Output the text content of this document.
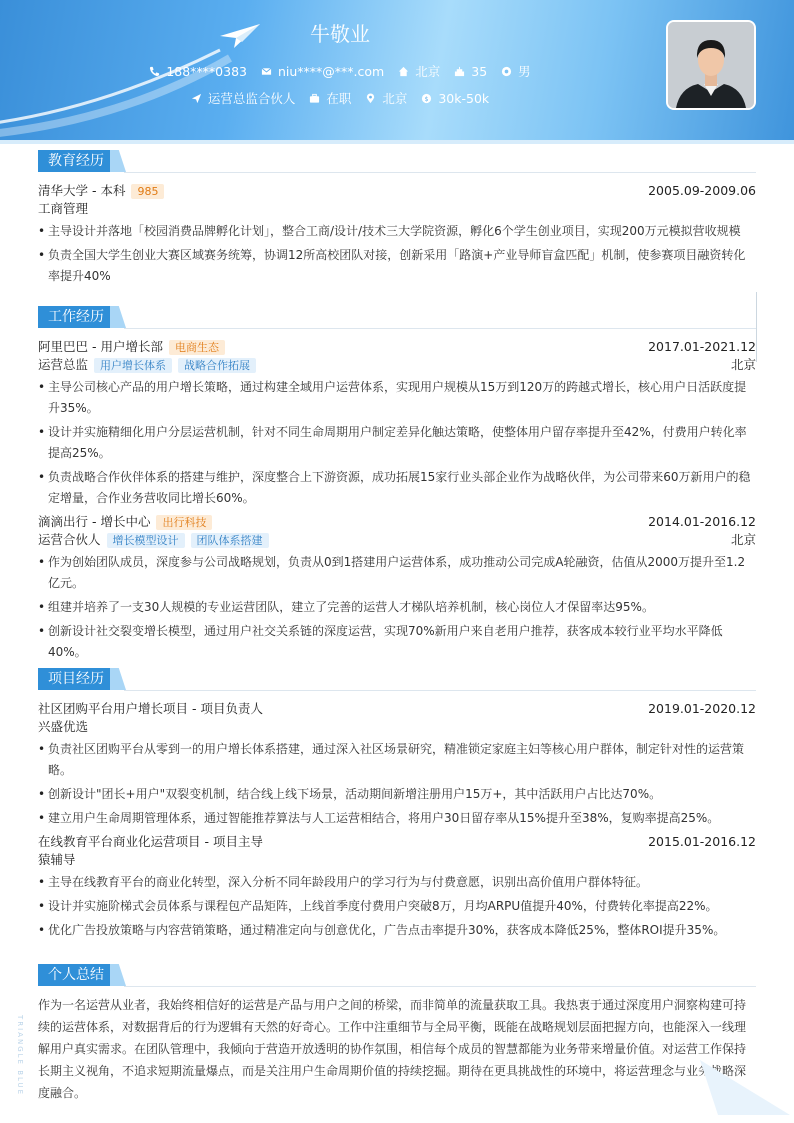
牛敬业
188****0383 niu****@***.com 北京 35 男
运营总监合伙人 在职 北京 $ 30k-50k
教育经历
清华大学 - 本科	985	2005.09-2009.06
工商管理
• 主导设计并落地「校园消费品牌孵化计划」，整合工商/设计/技术三大学院资源，孵化6个学生创业项目，实现200万元模拟营收规模
• 负责全国大学生创业大赛区域赛务统筹，协调12所高校团队对接，创新采用「路演+产业导师盲盒匹配」机制，使参赛项目融资转化率提升40%
工作经历
阿里巴巴 - 用户增长部	电商生态	2017.01-2021.12
运营总监	用户增长体系	战略合作拓展	北京
• 主导公司核心产品的用户增长策略，通过构建全域用户运营体系，实现用户规模从15万到120万的跨越式增长，核心用户日活跃度提升35%。
• 设计并实施精细化用户分层运营机制，针对不同生命周期用户制定差异化触达策略，使整体用户留存率提升至42%，付费用户转化率提高25%。
• 负责战略合作伙伴体系的搭建与维护，深度整合上下游资源，成功拓展15家行业头部企业作为战略伙伴，为公司带来60万新用户的稳定增量，合作业务营收同比增长60%。
滴滴出行 - 增长中心	出行科技	2014.01-2016.12
运营合伙人	增长模型设计	团队体系搭建	北京
• 作为创始团队成员，深度参与公司战略规划，负责从0到1搭建用户运营体系，成功推动公司完成A轮融资，估值从2000万提升至1.2亿元。
• 组建并培养了一支30人规模的专业运营团队，建立了完善的运营人才梯队培养机制，核心岗位人才保留率达95%。
• 创新设计社交裂变增长模型，通过用户社交关系链的深度运营，实现70%新用户来自老用户推荐，获客成本较行业平均水平降低40%。
项目经历
社区团购平台用户增长项目 - 项目负责人	2019.01-2020.12
兴盛优选
• 负责社区团购平台从零到一的用户增长体系搭建，通过深入社区场景研究，精准锁定家庭主妇等核心用户群体，制定针对性的运营策略。
• 创新设计"团长+用户"双裂变机制，结合线上线下场景，活动期间新增注册用户15万+，其中活跃用户占比达70%。
• 建立用户生命周期管理体系，通过智能推荐算法与人工运营相结合，将用户30日留存率从15%提升至38%，复购率提高25%。
在线教育平台商业化运营项目 - 项目主导	2015.01-2016.12
猿辅导
• 主导在线教育平台的商业化转型，深入分析不同年龄段用户的学习行为与付费意愿，识别出高价值用户群体特征。
• 设计并实施阶梯式会员体系与课程包产品矩阵，上线首季度付费用户突破8万，月均ARPU值提升40%，付费转化率提高22%。
• 优化广告投放策略与内容营销策略，通过精准定向与创意优化，广告点击率提升30%，获客成本降低25%，整体ROI提升35%。
个人总结
作为一名运营从业者，我始终相信好的运营是产品与用户之间的桥梁，而非简单的流量获取工具。我热衷于通过深度用户洞察构建可持续的运营体系，对数据背后的行为逻辑有天然的好奇心。工作中注重细节与全局平衡，既能在战略规划层面把握方向，也能深入一线理解用户真实需求。在团队管理中，我倾向于营造开放透明的协作氛围，相信每个成员的智慧都能为业务带来增量价值。对运营工作保持长期主义视角，不追求短期流量爆点，而是关注用户生命周期价值的持续挖掘。期待在更具挑战性的环境中，将运营理念与业务战略深度融合。
TRIANGLE BLUE
